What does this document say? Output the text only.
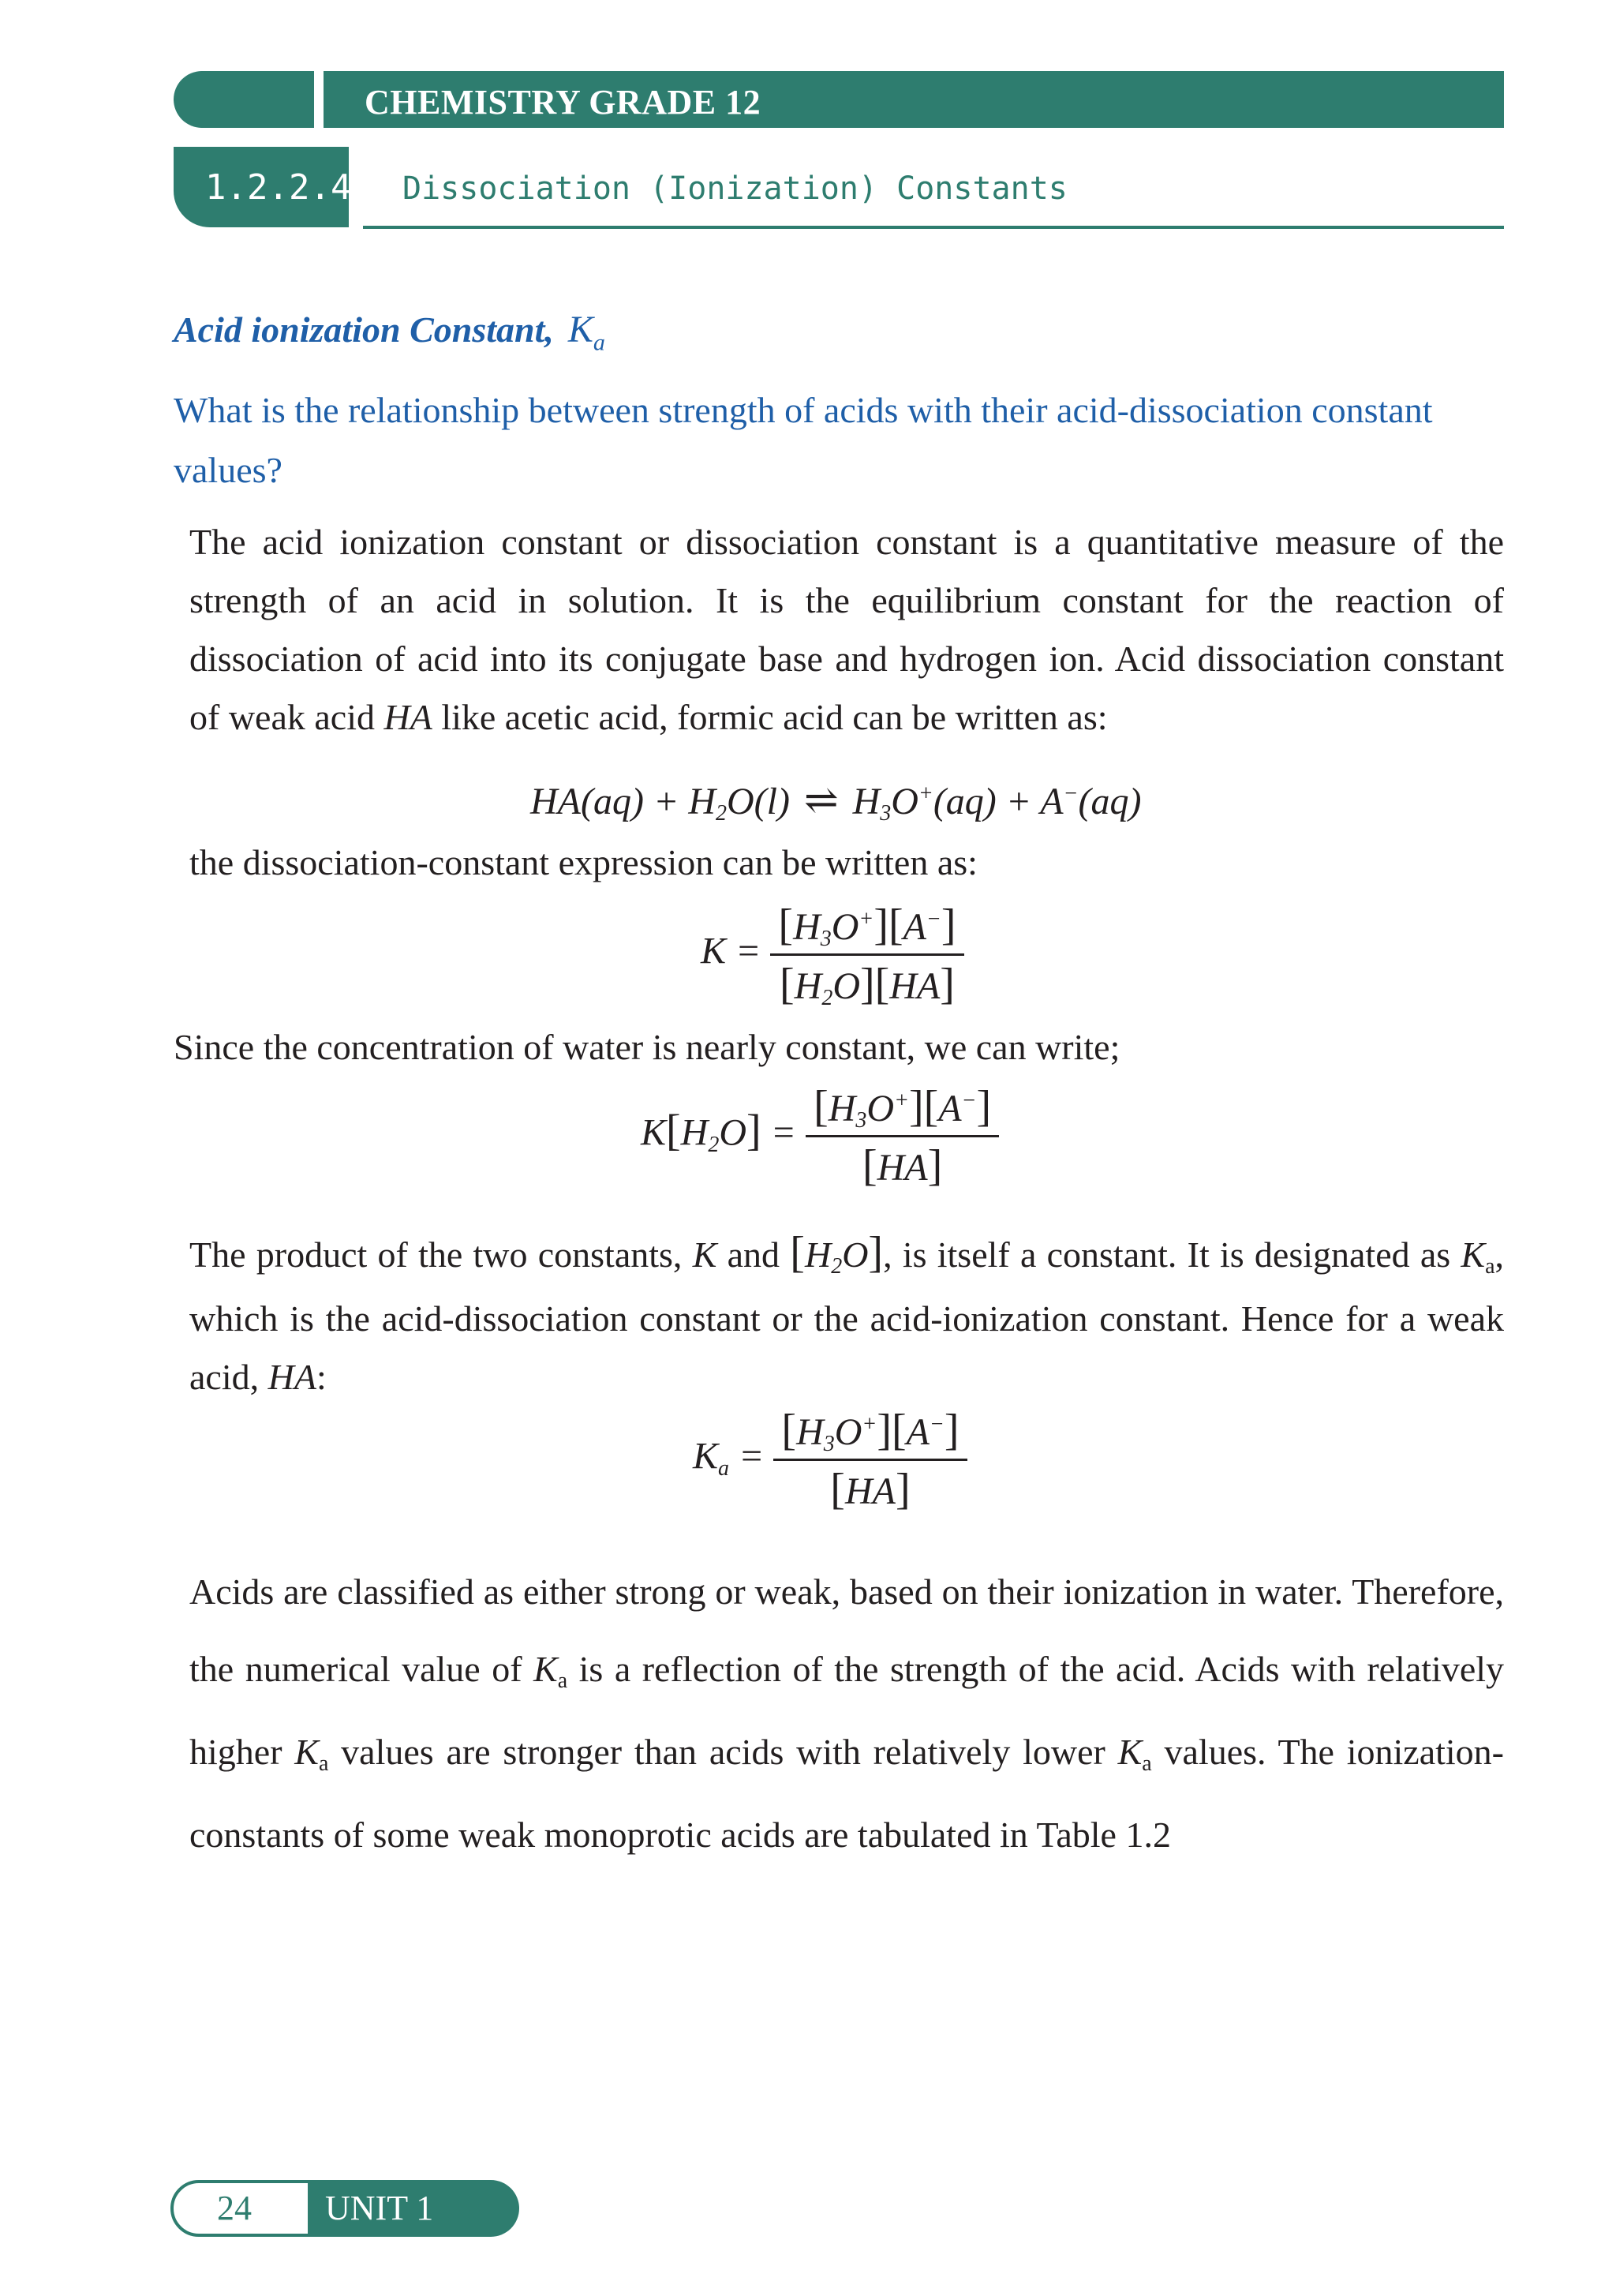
CHEMISTRY GRADE 12
1.2.2.4 Dissociation (Ionization) Constants
Acid ionization Constant, $K_a$
What is the relationship between strength of acids with their acid-dissociation constant values?
The acid ionization constant or dissociation constant is a quantitative measure of the strength of an acid in solution. It is the equilibrium constant for the reaction of dissociation of acid into its conjugate base and hydrogen ion. Acid dissociation constant of weak acid HA like acetic acid, formic acid can be written as:
$HA(aq) + H_2O(l)$ ⇌ $H_3O^+(aq) + A^-(aq)$
the dissociation-constant expression can be written as:
$K = \frac{[H_3O^+][A^-]}{[H_2O][HA]}$
Since the concentration of water is nearly constant, we can write;
$K[H_2O] = \frac{[H_3O^+][A^-]}{[HA]}$
The product of the two constants, K and $[H_2O]$, is itself a constant. It is designated as $K_a$, which is the acid-dissociation constant or the acid-ionization constant. Hence for a weak acid, HA:
$K_a = \frac{[H_3O^+][A^-]}{[HA]}$
Acids are classified as either strong or weak, based on their ionization in water. Therefore, the numerical value of $K_a$ is a reflection of the strength of the acid. Acids with relatively higher $K_a$ values are stronger than acids with relatively lower $K_a$ values. The ionization-constants of some weak monoprotic acids are tabulated in Table 1.2
24 UNIT 1
